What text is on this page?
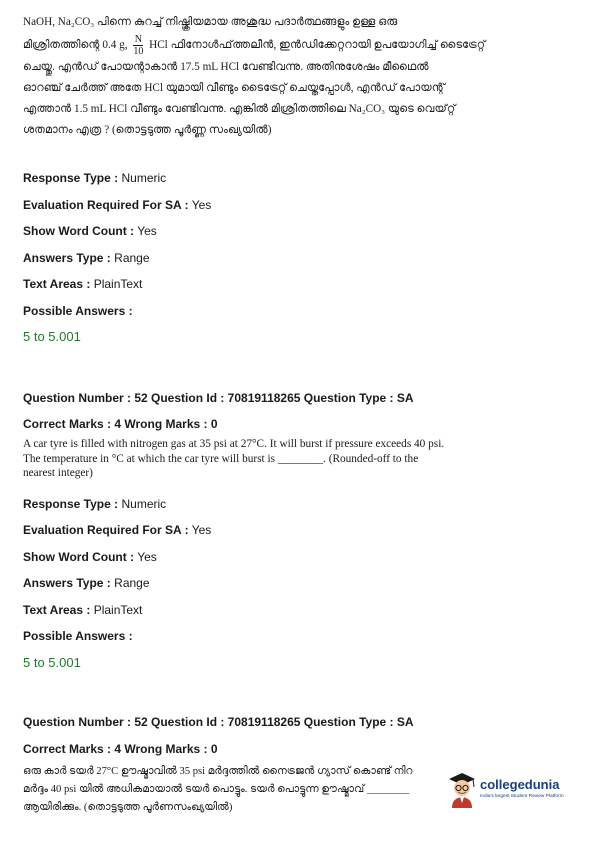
NaOH, Na₂CO₃ പിന്നെ കുറച്ച് നിഷ്ക്രിയമായ അശുദ്ധ പദാർത്ഥങ്ങളും ഉള്ള ഒരു

മിശ്രിതത്തിന്റെ 0.4 g, $\frac{N}{10}$ HCl ഫിനോൾഫ്‌ത്തലീൻ, ഇൻഡിക്കേറ്ററായി ഉപയോഗിച്ച് ടൈട്രേറ്റ്

ചെയ്തു. എൻഡ് പോയന്റാകാൻ 17.5 mL HCl വേണ്ടിവന്നു. അതിനുശേഷം മീഥൈൽ

ഓറഞ്ച് ചേർത്ത് അതേ HCl യുമായി വീണ്ടും ടൈട്രേറ്റ് ചെയ്തപ്പോൾ, എൻഡ് പോയന്റ്

എത്താൻ 1.5 mL HCl വീണ്ടും വേണ്ടിവന്നു. എങ്കിൽ മിശ്രിതത്തിലെ Na₂CO₃ യുടെ വെയ്റ്റ്

ശതമാനം എത്ര ? (തൊട്ടടുത്ത പൂർണ്ണ സംഖ്യയിൽ)

Response Type : Numeric
Evaluation Required For SA : Yes
Show Word Count : Yes
Answers Type : Range
Text Areas : PlainText
Possible Answers :
5 to 5.001
Question Number : 52 Question Id : 70819118265 Question Type : SA
Correct Marks : 4 Wrong Marks : 0
A car tyre is filled with nitrogen gas at 35 psi at 27°C. It will burst if pressure exceeds 40 psi.
The temperature in °C at which the car tyre will burst is ________. (Rounded-off to the
nearest integer)
Response Type : Numeric
Evaluation Required For SA : Yes
Show Word Count : Yes
Answers Type : Range
Text Areas : PlainText
Possible Answers :
5 to 5.001
Question Number : 52 Question Id : 70819118265 Question Type : SA
Correct Marks : 4 Wrong Marks : 0
ഒരു കാർ ടയർ 27°C ഊഷ്മാവിൽ 35 psi മർദ്ദത്തിൽ നൈട്രജൻ ഗ്യാസ് കൊണ്ട് നിറ
മർദ്ദം 40 psi യിൽ അധികമായാൽ ടയർ പൊട്ടും. ടയർ പൊട്ടുന്ന ഊഷ്മാവ് ________
ആയിരിക്കും. (തൊട്ടടുത്ത പൂർണസംഖ്യയിൽ)
collegedunia
India's largest Student Review Platform
